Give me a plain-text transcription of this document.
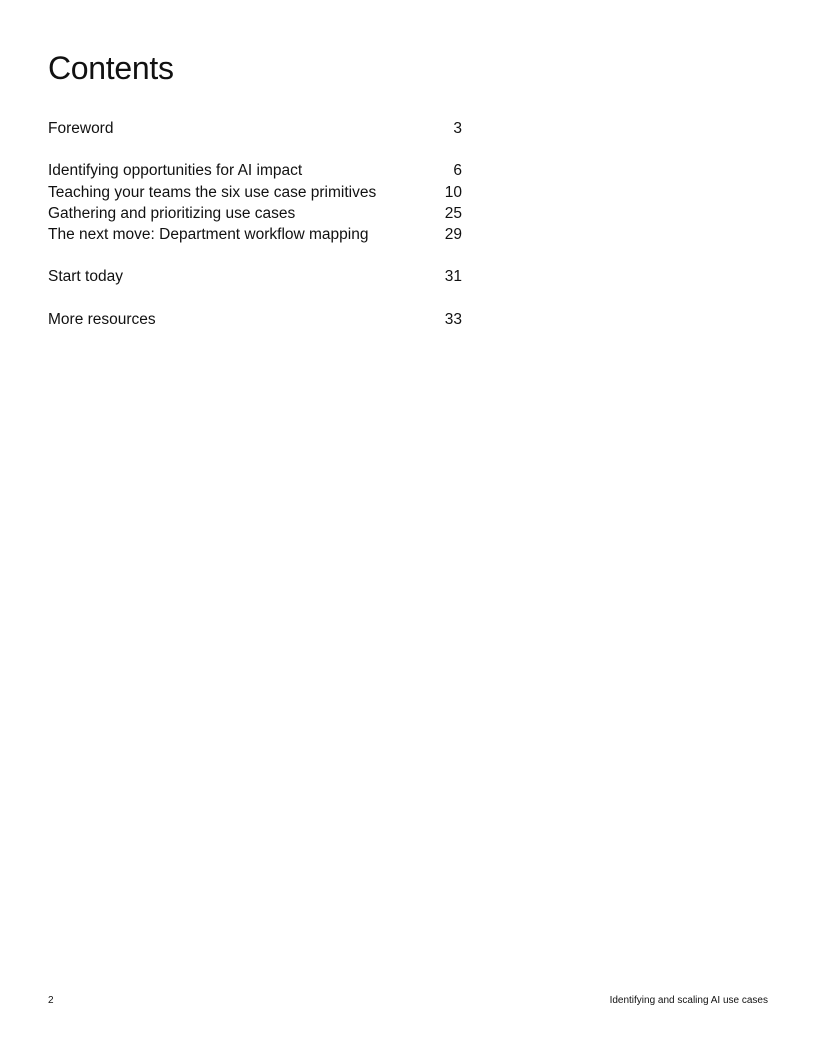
Contents
Foreword	3
Identifying opportunities for AI impact	6
Teaching your teams the six use case primitives	10
Gathering and prioritizing use cases	25
The next move: Department workflow mapping	29
Start today	31
More resources	33
2	Identifying and scaling AI use cases
